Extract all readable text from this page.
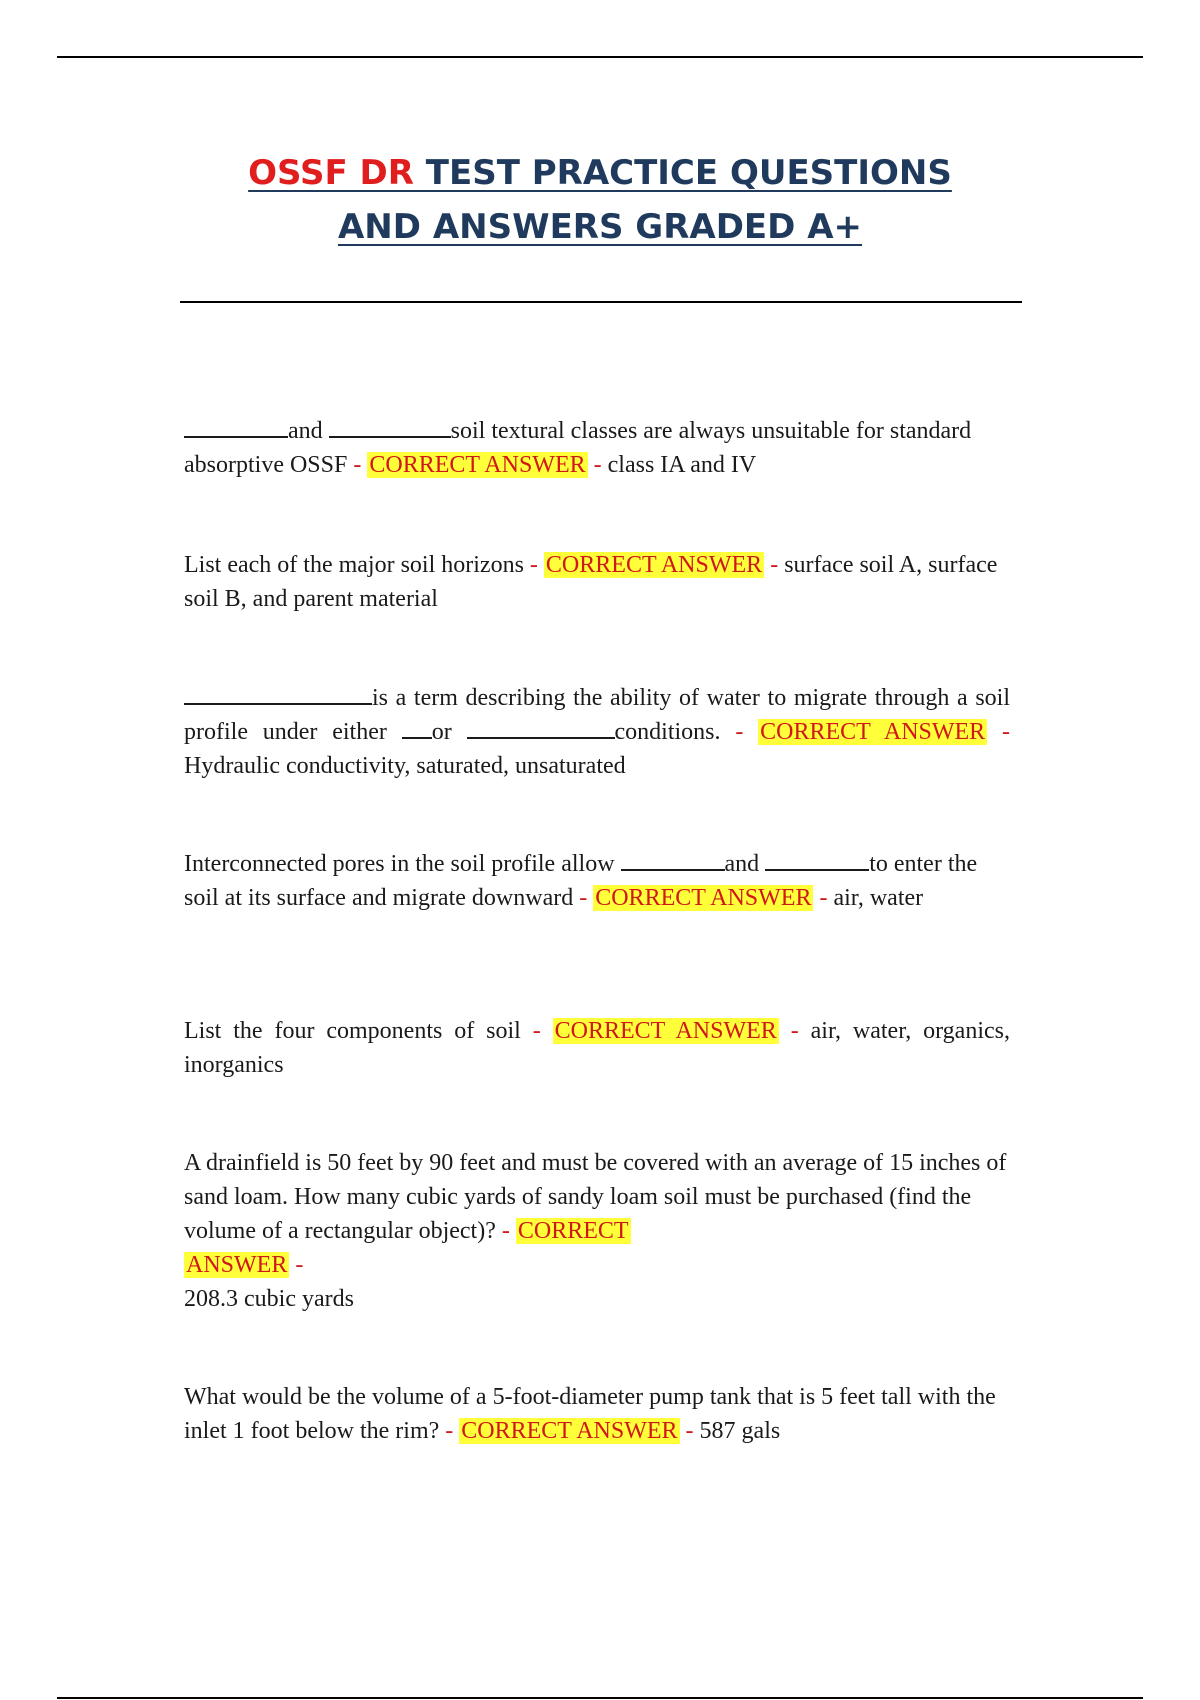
OSSF DR TEST PRACTICE QUESTIONS
AND ANSWERS GRADED A+

and	soil textural classes are always unsuitable for standard absorptive OSSF - CORRECT ANSWER - class IA and IV

List each of the major soil horizons - CORRECT ANSWER - surface soil A, surface soil B, and parent material

is a term describing the ability of water to migrate through a soil profile under either or	conditions. - CORRECT ANSWER - Hydraulic conductivity, saturated, unsaturated

Interconnected pores in the soil profile allow	and	to enter the soil at its surface and migrate downward - CORRECT ANSWER - air, water

List the four components of soil - CORRECT ANSWER - air, water, organics, inorganics

A drainfield is 50 feet by 90 feet and must be covered with an average of 15 inches of sand loam. How many cubic yards of sandy loam soil must be purchased (find the volume of a rectangular object)? - CORRECT
ANSWER -
208.3 cubic yards

What would be the volume of a 5-foot-diameter pump tank that is 5 feet tall with the inlet 1 foot below the rim? - CORRECT ANSWER - 587 gals
